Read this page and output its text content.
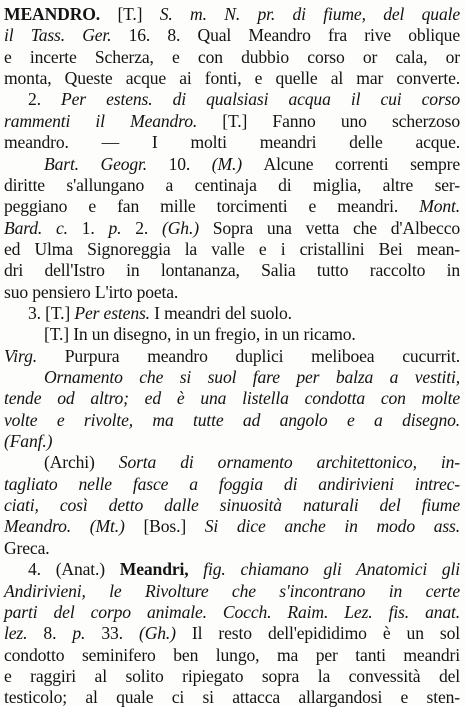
MEANDRO. [T.] S. m. N. pr. di fiume, del quale
il Tass. Ger. 16. 8. Qual Meandro fra rive oblique
e incerte Scherza, e con dubbio corso or cala, or
monta, Queste acque ai fonti, e quelle al mar converte.
2. Per estens. di qualsiasi acqua il cui corso
rammenti il Meandro. [T.] Fanno uno scherzoso
meandro. — I molti meandri delle acque.
Bart. Geogr. 10. (M.) Alcune correnti sempre
diritte s'allungano a centinaja di miglia, altre ser-
peggiano e fan mille torcimenti e meandri. Mont.
Bard. c. 1. p. 2. (Gh.) Sopra una vetta che d'Albecco
ed Ulma Signoreggia la valle e i cristallini Bei mean-
dri dell'Istro in lontananza, Salia tutto raccolto in
suo pensiero L'irto poeta.
3. [T.] Per estens. I meandri del suolo.
[T.] In un disegno, in un fregio, in un ricamo.
Virg. Purpura meandro duplici meliboea cucurrit.
Ornamento che si suol fare per balza a vestiti,
tende od altro; ed è una listella condotta con molte
volte e rivolte, ma tutte ad angolo e a disegno.
(Fanf.)
(Archi) Sorta di ornamento architettonico, in-
tagliato nelle fasce a foggia di andirivieni intrec-
ciati, così detto dalle sinuosità naturali del fiume
Meandro. (Mt.) [Bos.] Si dice anche in modo ass.
Greca.
4. (Anat.) Meandri, fig. chiamano gli Anatomici gli
Andirivieni, le Rivolture che s'incontrano in certe
parti del corpo animale. Cocch. Raim. Lez. fis. anat.
lez. 8. p. 33. (Gh.) Il resto dell'epididimo è un sol
condotto seminifero ben lungo, ma per tanti meandri
e raggiri al solito ripiegato sopra la convessità del
testicolo; al quale ci si attacca allargandosi e sten-
